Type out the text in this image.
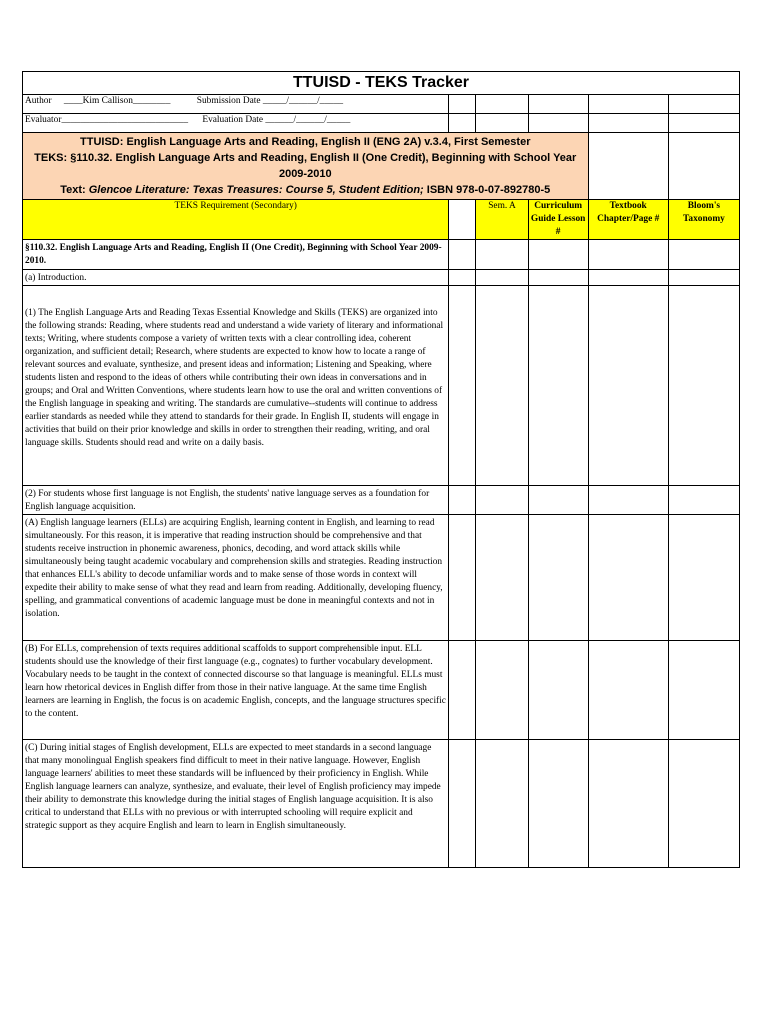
TTUISD - TEKS Tracker					
Author ____Kim Callison________ Submission Date _____/______/_____					
Evaluator___________________________ Evaluation Date ______/______/_____					

TTUISD: English Language Arts and Reading, English II (ENG 2A) v.3.4, First Semester
TEKS: §110.32. English Language Arts and Reading, English II (One Credit), Beginning with School Year 2009-2010
Text: Glencoe Literature: Texas Treasures: Course 5, Student Edition; ISBN 978-0-07-892780-5					

TEKS Requirement (Secondary)		Sem. A	Curriculum Guide Lesson #	Textbook Chapter/Page #	Bloom's Taxonomy
§110.32. English Language Arts and Reading, English II (One Credit), Beginning with School Year 2009-2010.					
(a) Introduction.					
(1) The English Language Arts and Reading Texas Essential Knowledge and Skills (TEKS) are organized into the following strands: Reading, where students read and understand a wide variety of literary and informational texts; Writing, where students compose a variety of written texts with a clear controlling idea, coherent organization, and sufficient detail; Research, where students are expected to know how to locate a range of relevant sources and evaluate, synthesize, and present ideas and information; Listening and Speaking, where students listen and respond to the ideas of others while contributing their own ideas in conversations and in groups; and Oral and Written Conventions, where students learn how to use the oral and written conventions of the English language in speaking and writing. The standards are cumulative--students will continue to address earlier standards as needed while they attend to standards for their grade. In English II, students will engage in activities that build on their prior knowledge and skills in order to strengthen their reading, writing, and oral language skills. Students should read and write on a daily basis.					
(2) For students whose first language is not English, the students' native language serves as a foundation for English language acquisition.					
(A) English language learners (ELLs) are acquiring English, learning content in English, and learning to read simultaneously. For this reason, it is imperative that reading instruction should be comprehensive and that students receive instruction in phonemic awareness, phonics, decoding, and word attack skills while simultaneously being taught academic vocabulary and comprehension skills and strategies. Reading instruction that enhances ELL's ability to decode unfamiliar words and to make sense of those words in context will expedite their ability to make sense of what they read and learn from reading. Additionally, developing fluency, spelling, and grammatical conventions of academic language must be done in meaningful contexts and not in isolation.					
(B) For ELLs, comprehension of texts requires additional scaffolds to support comprehensible input. ELL students should use the knowledge of their first language (e.g., cognates) to further vocabulary development. Vocabulary needs to be taught in the context of connected discourse so that language is meaningful. ELLs must learn how rhetorical devices in English differ from those in their native language. At the same time English learners are learning in English, the focus is on academic English, concepts, and the language structures specific to the content.					
(C) During initial stages of English development, ELLs are expected to meet standards in a second language that many monolingual English speakers find difficult to meet in their native language. However, English language learners' abilities to meet these standards will be influenced by their proficiency in English. While English language learners can analyze, synthesize, and evaluate, their level of English proficiency may impede their ability to demonstrate this knowledge during the initial stages of English language acquisition. It is also critical to understand that ELLs with no previous or with interrupted schooling will require explicit and strategic support as they acquire English and learn to learn in English simultaneously.					
